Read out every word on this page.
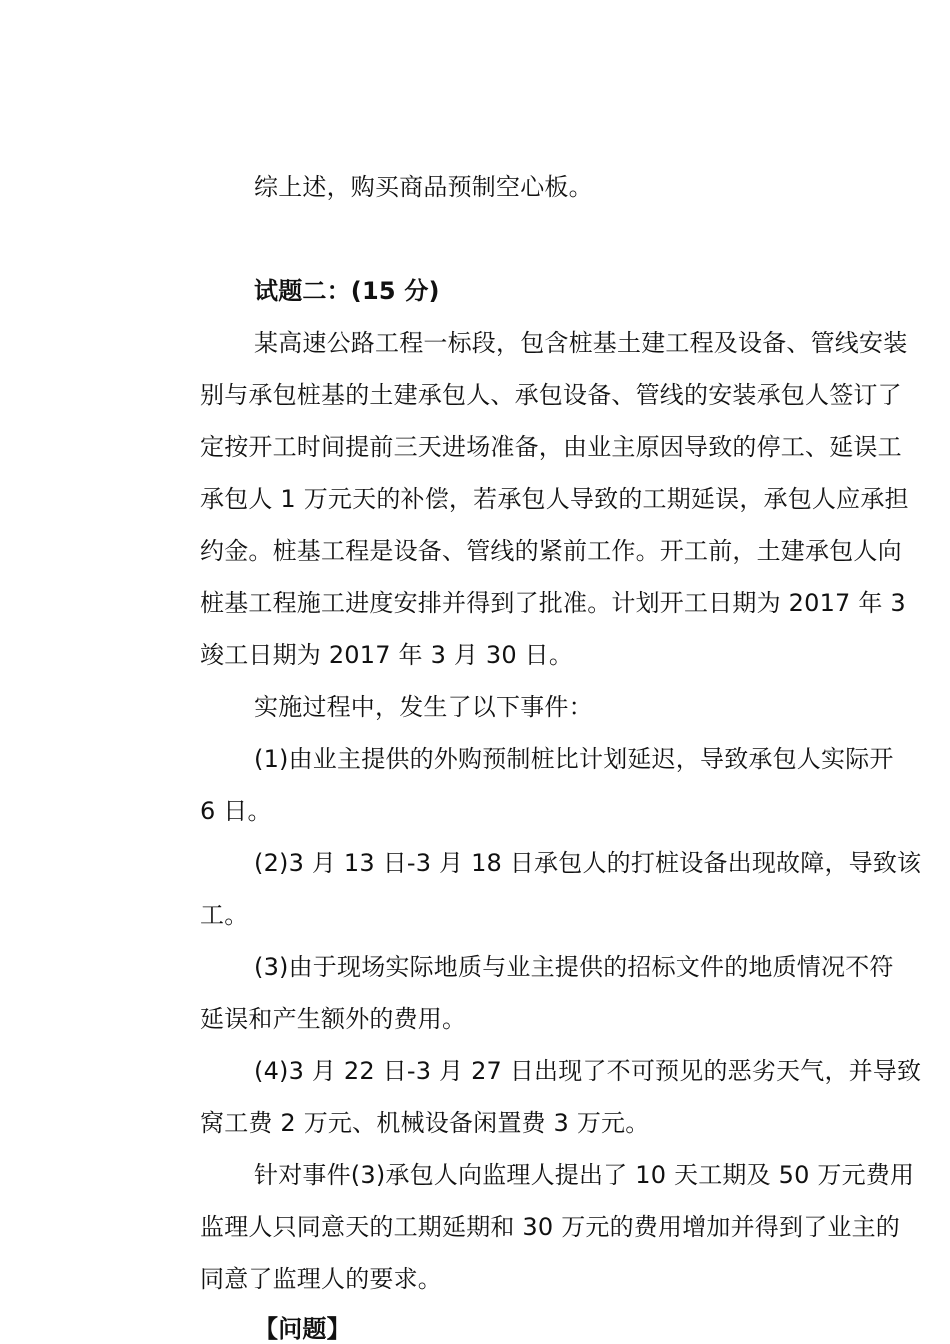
综上述，购买商品预制空心板。
试题二：(15 分)
某高速公路工程一标段，包含桩基土建工程及设备、管线安装
别与承包桩基的土建承包人、承包设备、管线的安装承包人签订了
定按开工时间提前三天进场准备，由业主原因导致的停工、延误工
承包人 1 万元天的补偿，若承包人导致的工期延误，承包人应承担
约金。桩基工程是设备、管线的紧前工作。开工前，土建承包人向
桩基工程施工进度安排并得到了批准。计划开工日期为 2017 年 3
竣工日期为 2017 年 3 月 30 日。
实施过程中，发生了以下事件：
(1)由业主提供的外购预制桩比计划延迟，导致承包人实际开
6 日。
(2)3 月 13 日-3 月 18 日承包人的打桩设备出现故障，导致该
工。
(3)由于现场实际地质与业主提供的招标文件的地质情况不符
延误和产生额外的费用。
(4)3 月 22 日-3 月 27 日出现了不可预见的恶劣天气，并导致
窝工费 2 万元、机械设备闲置费 3 万元。
针对事件(3)承包人向监理人提出了 10 天工期及 50 万元费用
监理人只同意天的工期延期和 30 万元的费用增加并得到了业主的
同意了监理人的要求。
【问题】
